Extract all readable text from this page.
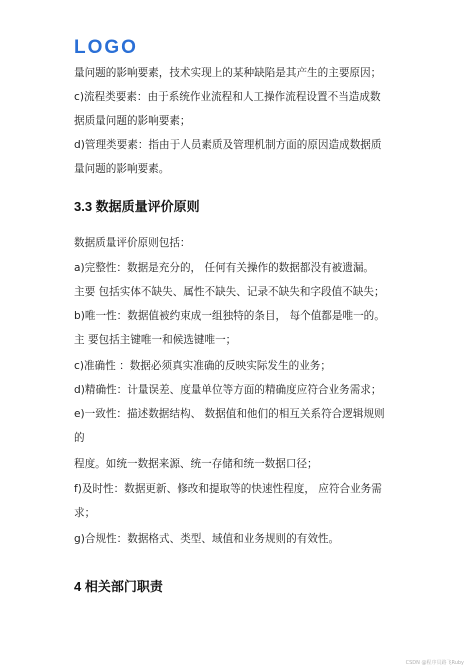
LOGO

量问题的影响要素，技术实现上的某种缺陷是其产生的主要原因；

c)流程类要素：由于系统作业流程和人工操作流程设置不当造成数

据质量问题的影响要素；

d)管理类要素：指由于人员素质及管理机制方面的原因造成数据质

量问题的影响要素。

3.3 数据质量评价原则

数据质量评价原则包括：

a)完整性：数据是充分的， 任何有关操作的数据都没有被遗漏。

主要 包括实体不缺失、属性不缺失、记录不缺失和字段值不缺失；

b)唯一性：数据值被约束成一组独特的条目， 每个值都是唯一的。

主 要包括主键唯一和候选键唯一；

c)准确性 ：数据必须真实准确的反映实际发生的业务；

d)精确性：计量误差、度量单位等方面的精确度应符合业务需求；

e)一致性：描述数据结构、 数据值和他们的相互关系符合逻辑规则

的

程度。如统一数据来源、统一存储和统一数据口径；

f)及时性：数据更新、修改和提取等的快速性程度， 应符合业务需

求；

g)合规性：数据格式、类型、域值和业务规则的有效性。

4 相关部门职责

CSDN @程序员路飞Ruby
